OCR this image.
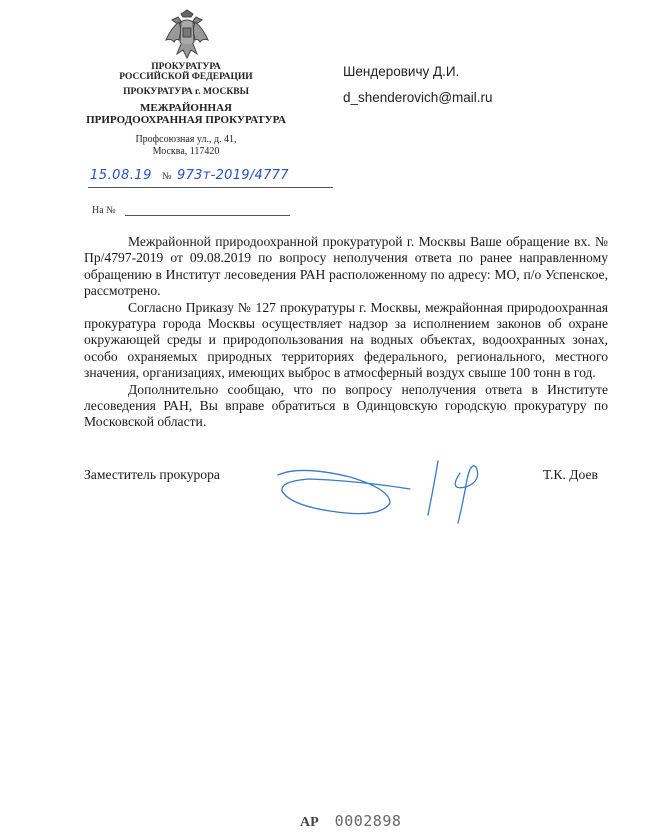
ПРОКУРАТУРА
РОССИЙСКОЙ ФЕДЕРАЦИИ
ПРОКУРАТУРА г. МОСКВЫ
МЕЖРАЙОННАЯ
ПРИРОДООХРАННАЯ ПРОКУРАТУРА
Профсоюзная ул., д. 41,
Москва, 117420
Шендеровичу Д.И.
d_shenderovich@mail.ru
15.08.19 № 973т-2019/4777
На №

Межрайонной природоохранной прокуратурой г. Москвы Ваше обращение вх. № Пр/4797-2019 от 09.08.2019 по вопросу неполучения ответа по ранее направленному обращению в Институт лесоведения РАН расположенному по адресу: МО, п/о Успенское, рассмотрено.

Согласно Приказу № 127 прокуратуры г. Москвы, межрайонная природоохранная прокуратура города Москвы осуществляет надзор за исполнением законов об охране окружающей среды и природопользования на водных объектах, водоохранных зонах, особо охраняемых природных территориях федерального, регионального, местного значения, организациях, имеющих выброс в атмосферный воздух свыше 100 тонн в год.

Дополнительно сообщаю, что по вопросу неполучения ответа в Институте лесоведения РАН, Вы вправе обратиться в Одинцовскую городскую прокуратуру по Московской области.

Заместитель прокурора	Т.К. Доев
АР 0002898
